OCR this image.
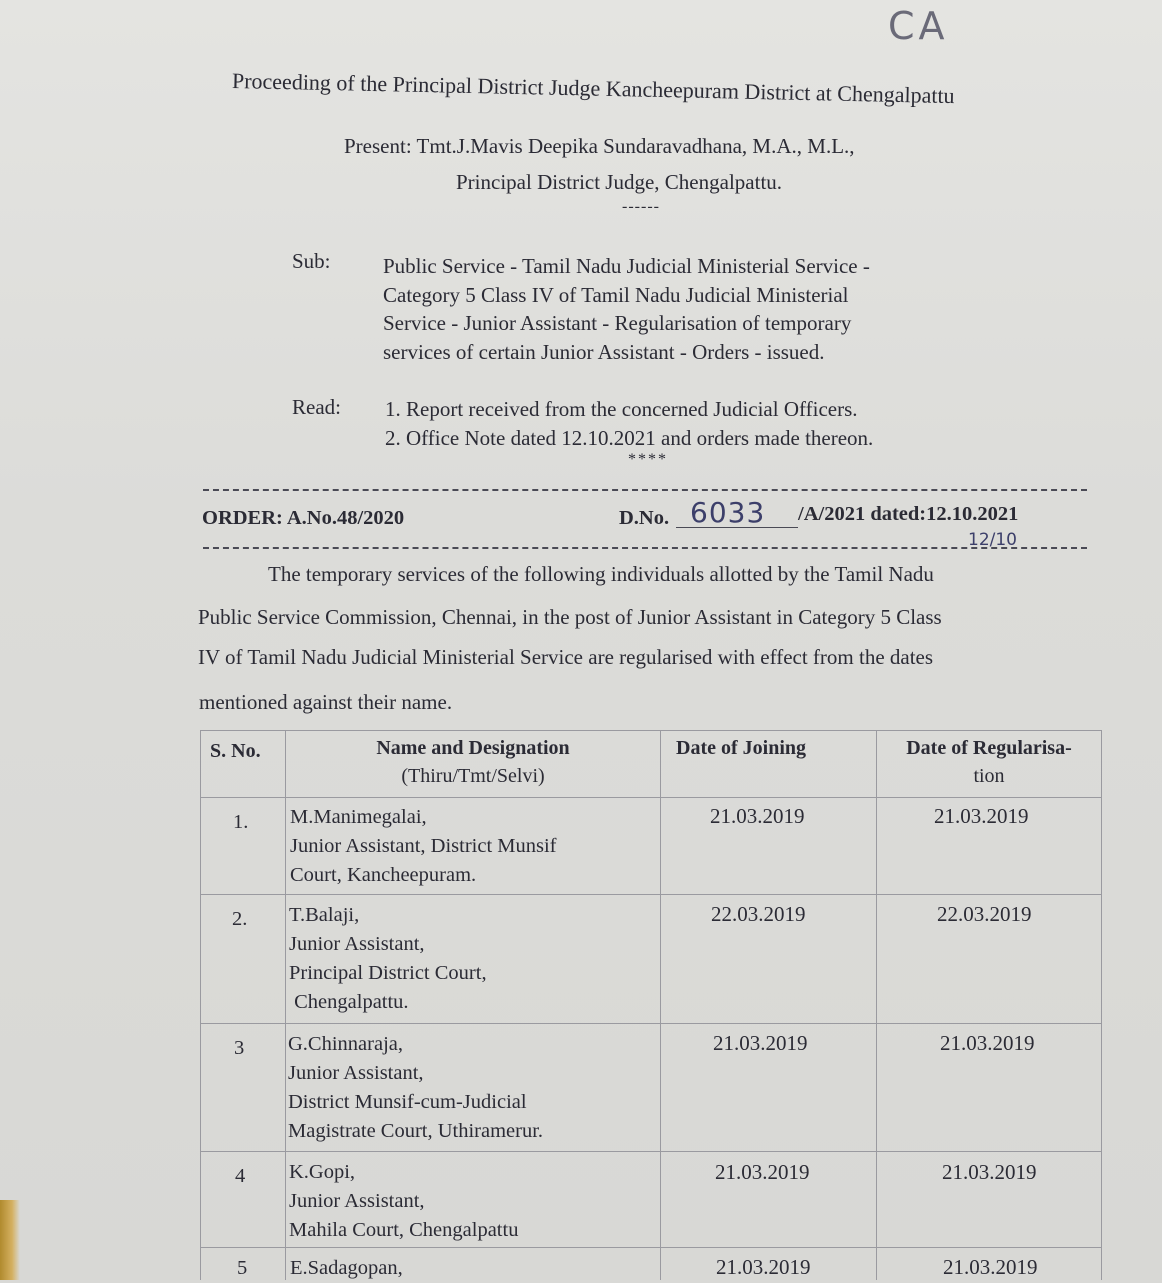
CA
Proceeding of the Principal District Judge Kancheepuram District at Chengalpattu
Present: Tmt.J.Mavis Deepika Sundaravadhana, M.A., M.L.,
Principal District Judge, Chengalpattu.
------
Sub: Public Service - Tamil Nadu Judicial Ministerial Service -
Category 5 Class IV of Tamil Nadu Judicial Ministerial
Service - Junior Assistant - Regularisation of temporary
services of certain Junior Assistant - Orders - issued.
Read: 1. Report received from the concerned Judicial Officers.
2. Office Note dated 12.10.2021 and orders made thereon.
****
ORDER: A.No.48/2020	D.No. 6033 /A/2021 dated:12.10.2021
12/10
The temporary services of the following individuals allotted by the Tamil Nadu
Public Service Commission, Chennai, in the post of Junior Assistant in Category 5 Class
IV of Tamil Nadu Judicial Ministerial Service are regularised with effect from the dates
mentioned against their name.
S. No.	Name and Designation
(Thiru/Tmt/Selvi)
Date of Joining	Date of Regularisa-
tion
1. M.Manimegalai,
Junior Assistant, District Munsif
Court, Kancheepuram.
21.03.2019	21.03.2019
2. T.Balaji,
Junior Assistant,
Principal District Court,
Chengalpattu.
22.03.2019	22.03.2019
3 G.Chinnaraja,
Junior Assistant,
District Munsif-cum-Judicial
Magistrate Court, Uthiramerur.
21.03.2019	21.03.2019
4 K.Gopi,
Junior Assistant,
Mahila Court, Chengalpattu
21.03.2019	21.03.2019
5 E.Sadagopan,	21.03.2019	21.03.2019
